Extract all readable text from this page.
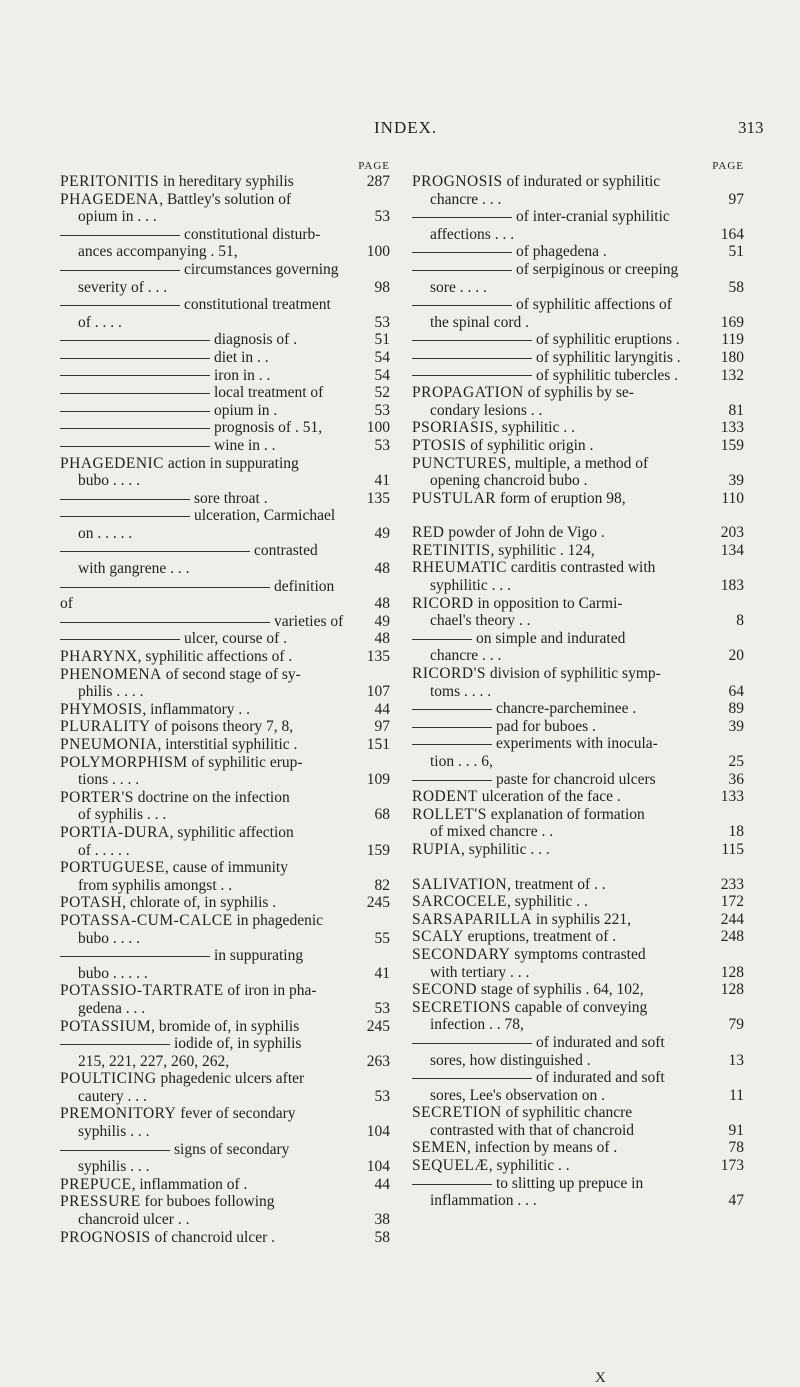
INDEX.	313
PAGE
PERITONITIS in hereditary syphilis	287
PHAGEDENA, Battley's solution of
opium in . . .	53
constitutional disturb-
ances accompanying . 51,	100
circumstances governing
severity of . . .	98
constitutional treatment
of . . . .	53
diagnosis of .	51
diet in . .	54
iron in . .	54
local treatment of	52
opium in .	53
prognosis of . 51,	100
wine in . .	53
PHAGEDENIC action in suppurating
bubo . . . .	41
sore throat .	135
ulceration, Carmichael
on . . . . .	49
contrasted
with gangrene . . .	48
definition of	48
varieties of	49
ulcer, course of .	48
PHARYNX, syphilitic affections of .	135
PHENOMENA of second stage of sy-
philis . . . .	107
PHYMOSIS, inflammatory . .	44
PLURALITY of poisons theory 7, 8,	97
PNEUMONIA, interstitial syphilitic .	151
POLYMORPHISM of syphilitic erup-
tions . . . .	109
PORTER'S doctrine on the infection
of syphilis . . .	68
PORTIA-DURA, syphilitic affection
of . . . . .	159
PORTUGUESE, cause of immunity
from syphilis amongst . .	82
POTASH, chlorate of, in syphilis .	245
POTASSA-CUM-CALCE in phagedenic
bubo . . . .	55
in suppurating
bubo . . . . .	41
POTASSIO-TARTRATE of iron in pha-
gedena . . .	53
POTASSIUM, bromide of, in syphilis	245
iodide of, in syphilis
215, 221, 227, 260, 262,	263
POULTICING phagedenic ulcers after
cautery . . .	53
PREMONITORY fever of secondary
syphilis . . .	104
signs of secondary
syphilis . . .	104
PREPUCE, inflammation of .	44
PRESSURE for buboes following
chancroid ulcer . .	38
PROGNOSIS of chancroid ulcer .	58
PAGE
PROGNOSIS of indurated or syphilitic
chancre . . .	97
of inter-cranial syphilitic
affections . . .	164
of phagedena .	51
of serpiginous or creeping
sore . . . .	58
of syphilitic affections of
the spinal cord .	169
of syphilitic eruptions .	119
of syphilitic laryngitis .	180
of syphilitic tubercles .	132
PROPAGATION of syphilis by se-
condary lesions . .	81
PSORIASIS, syphilitic . .	133
PTOSIS of syphilitic origin .	159
PUNCTURES, multiple, a method of
opening chancroid bubo .	39
PUSTULAR form of eruption 98,	110
RED powder of John de Vigo .	203
RETINITIS, syphilitic . 124,	134
RHEUMATIC carditis contrasted with
syphilitic . . .	183
RICORD in opposition to Carmi-
chael's theory . .	8
on simple and indurated
chancre . . .	20
RICORD'S division of syphilitic symp-
toms . . . .	64
chancre-parcheminee .	89
pad for buboes .	39
experiments with inocula-
tion . . . 6,	25
paste for chancroid ulcers	36
RODENT ulceration of the face .	133
ROLLET'S explanation of formation
of mixed chancre . .	18
RUPIA, syphilitic . . .	115
SALIVATION, treatment of . .	233
SARCOCELE, syphilitic . .	172
SARSAPARILLA in syphilis 221,	244
SCALY eruptions, treatment of .	248
SECONDARY symptoms contrasted
with tertiary . . .	128
SECOND stage of syphilis . 64, 102,	128
SECRETIONS capable of conveying
infection . . 78,	79
of indurated and soft
sores, how distinguished .	13
of indurated and soft
sores, Lee's observation on .	11
SECRETION of syphilitic chancre
contrasted with that of chancroid	91
SEMEN, infection by means of .	78
SEQUELÆ, syphilitic . .	173
to slitting up prepuce in
inflammation . . .	47
X
